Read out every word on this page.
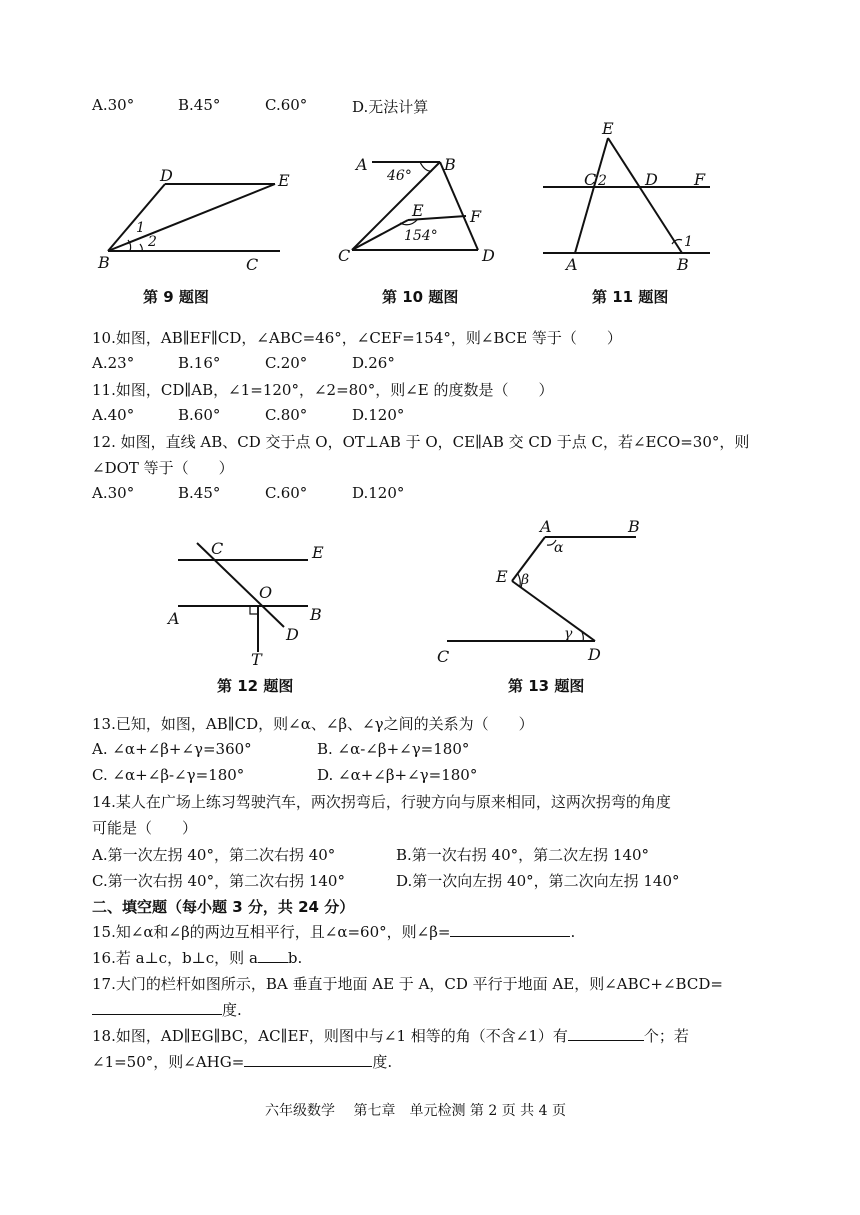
A.30°	B.45°	C.60°	D.无法计算
D	E
B	C
1
2
A	B
46°
E	F
154°
C	D
E
C 2 D F
A	B
1
第 9 题图	第 10 题图	第 11 题图
10.如图，AB∥EF∥CD，∠ABC=46°，∠CEF=154°，则∠BCE 等于（　　）
A.23°	B.16°	C.20°	D.26°
11.如图，CD∥AB，∠1=120°，∠2=80°，则∠E 的度数是（　　）
A.40°	B.60°	C.80°	D.120°
12. 如图，直线 AB、CD 交于点 O，OT⊥AB 于 O，CE∥AB 交 CD 于点 C，若∠ECO=30°，则
∠DOT 等于（　　）
A.30°	B.45°	C.60°	D.120°
C	E
A
O
B
D
T
A	B
α
E β
γ
C	D
第 12 题图	第 13 题图
13.已知，如图，AB∥CD，则∠α、∠β、∠γ之间的关系为（　　）
A. ∠α+∠β+∠γ=360°	B. ∠α-∠β+∠γ=180°
C. ∠α+∠β-∠γ=180°	D. ∠α+∠β+∠γ=180°
14.某人在广场上练习驾驶汽车，两次拐弯后，行驶方向与原来相同，这两次拐弯的角度
可能是（　　）
A.第一次左拐 40°，第二次右拐 40°	B.第一次右拐 40°，第二次左拐 140°
C.第一次右拐 40°，第二次右拐 140°	D.第一次向左拐 40°，第二次向左拐 140°
二、填空题（每小题 3 分，共 24 分）
15.知∠α和∠β的两边互相平行，且∠α=60°，则∠β=	.
16.若 a⊥c，b⊥c，则 a b.
17.大门的栏杆如图所示，BA 垂直于地面 AE 于 A，CD 平行于地面 AE，则∠ABC+∠BCD=
度.
18.如图，AD∥EG∥BC，AC∥EF，则图中与∠1 相等的角（不含∠1）有	个；若
∠1=50°，则∠AHG=	度.
六年级数学　 第七章　单元检测 第 2 页 共 4 页
